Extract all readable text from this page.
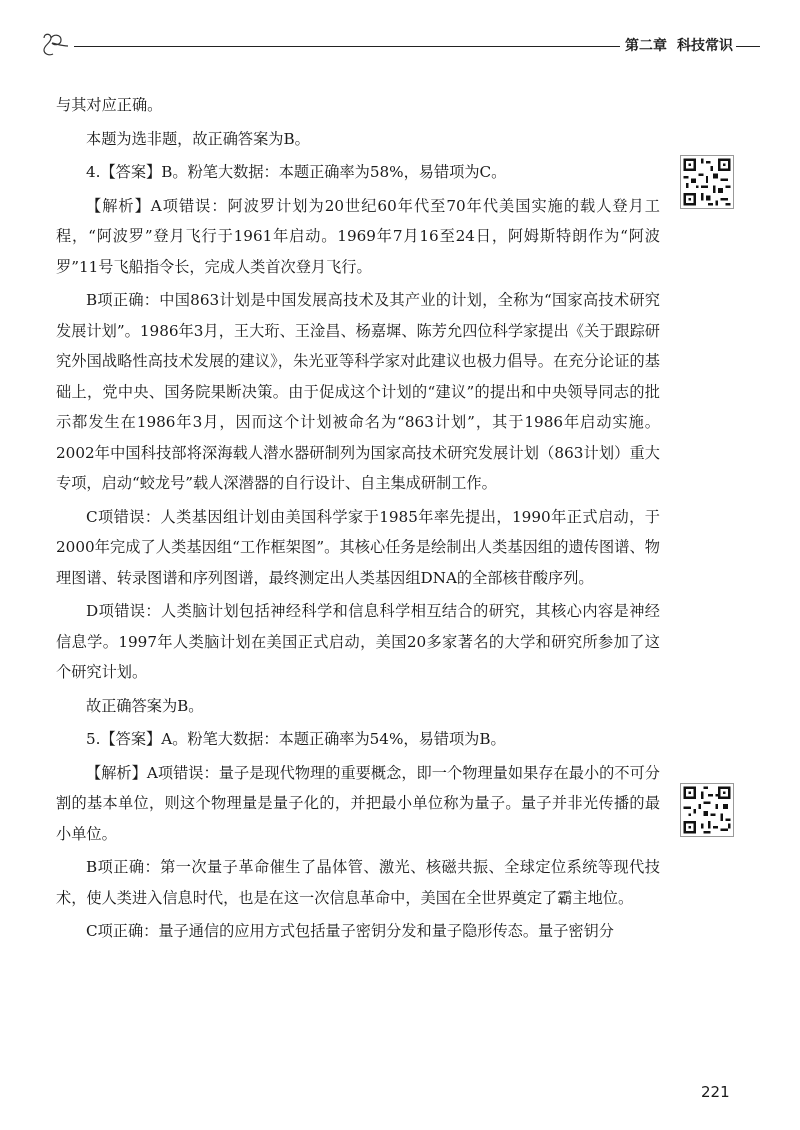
第二章 科技常识

与其对应正确。

本题为选非题，故正确答案为B。

4.【答案】B。粉笔大数据：本题正确率为58%，易错项为C。

【解析】A项错误：阿波罗计划为20世纪60年代至70年代美国实施的载人登月工程，“阿波罗”登月飞行于1961年启动。1969年7月16至24日，阿姆斯特朗作为“阿波罗”11号飞船指令长，完成人类首次登月飞行。

B项正确：中国863计划是中国发展高技术及其产业的计划，全称为“国家高技术研究发展计划”。1986年3月，王大珩、王淦昌、杨嘉墀、陈芳允四位科学家提出《关于跟踪研究外国战略性高技术发展的建议》，朱光亚等科学家对此建议也极力倡导。在充分论证的基础上，党中央、国务院果断决策。由于促成这个计划的“建议”的提出和中央领导同志的批示都发生在1986年3月，因而这个计划被命名为“863计划”，其于1986年启动实施。2002年中国科技部将深海载人潜水器研制列为国家高技术研究发展计划（863计划）重大专项，启动“蛟龙号”载人深潜器的自行设计、自主集成研制工作。

C项错误：人类基因组计划由美国科学家于1985年率先提出，1990年正式启动，于2000年完成了人类基因组“工作框架图”。其核心任务是绘制出人类基因组的遗传图谱、物理图谱、转录图谱和序列图谱，最终测定出人类基因组DNA的全部核苷酸序列。

D项错误：人类脑计划包括神经科学和信息科学相互结合的研究，其核心内容是神经信息学。1997年人类脑计划在美国正式启动，美国20多家著名的大学和研究所参加了这个研究计划。

故正确答案为B。

5.【答案】A。粉笔大数据：本题正确率为54%，易错项为B。

【解析】A项错误：量子是现代物理的重要概念，即一个物理量如果存在最小的不可分割的基本单位，则这个物理量是量子化的，并把最小单位称为量子。量子并非光传播的最小单位。

B项正确：第一次量子革命催生了晶体管、激光、核磁共振、全球定位系统等现代技术，使人类进入信息时代，也是在这一次信息革命中，美国在全世界奠定了霸主地位。

C项正确：量子通信的应用方式包括量子密钥分发和量子隐形传态。量子密钥分

221
